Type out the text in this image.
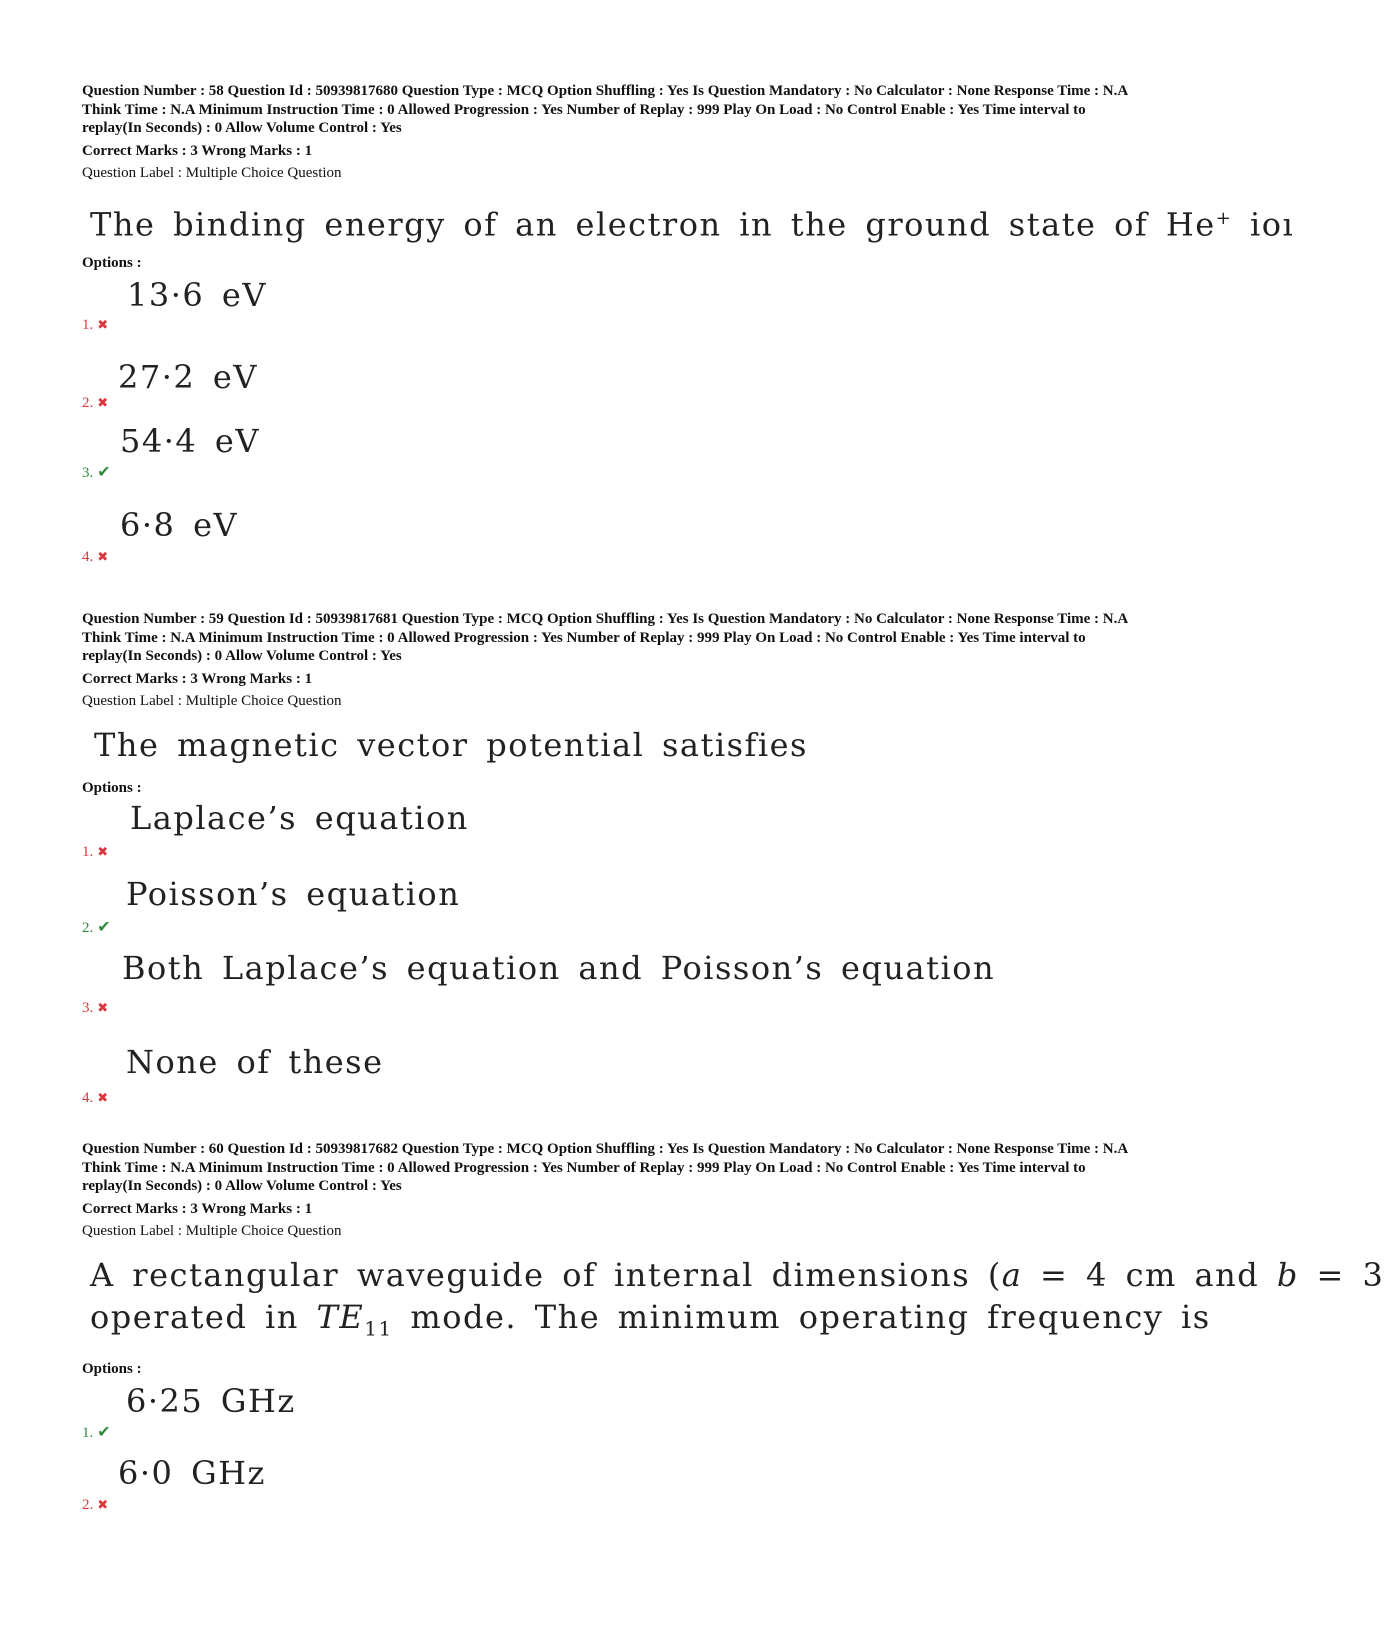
Question Number : 58 Question Id : 50939817680 Question Type : MCQ Option Shuffling : Yes Is Question Mandatory : No Calculator : None Response Time : N.A Think Time : N.A Minimum Instruction Time : 0 Allowed Progression : Yes Number of Replay : 999 Play On Load : No Control Enable : Yes Time interval to replay(In Seconds) : 0 Allow Volume Control : Yes
Correct Marks : 3 Wrong Marks : 1
Question Label : Multiple Choice Question
The binding energy of an electron in the ground state of He+ ioı
Options :
1. ✖
13·6 eV
2. ✖
27·2 eV
3. ✔
54·4 eV
4. ✖
6·8 eV
Question Number : 59 Question Id : 50939817681 Question Type : MCQ Option Shuffling : Yes Is Question Mandatory : No Calculator : None Response Time : N.A Think Time : N.A Minimum Instruction Time : 0 Allowed Progression : Yes Number of Replay : 999 Play On Load : No Control Enable : Yes Time interval to replay(In Seconds) : 0 Allow Volume Control : Yes
Correct Marks : 3 Wrong Marks : 1
Question Label : Multiple Choice Question
The magnetic vector potential satisfies
Options :
1. ✖
Laplace’s equation
2. ✔
Poisson’s equation
3. ✖
Both Laplace’s equation and Poisson’s equation
4. ✖
None of these
Question Number : 60 Question Id : 50939817682 Question Type : MCQ Option Shuffling : Yes Is Question Mandatory : No Calculator : None Response Time : N.A Think Time : N.A Minimum Instruction Time : 0 Allowed Progression : Yes Number of Replay : 999 Play On Load : No Control Enable : Yes Time interval to replay(In Seconds) : 0 Allow Volume Control : Yes
Correct Marks : 3 Wrong Marks : 1
Question Label : Multiple Choice Question
A rectangular waveguide of internal dimensions (a = 4 cm and b = 3
operated in $TE_{11}$ mode. The minimum operating frequency is
Options :
1. ✔
6·25 GHz
2. ✖
6·0 GHz
